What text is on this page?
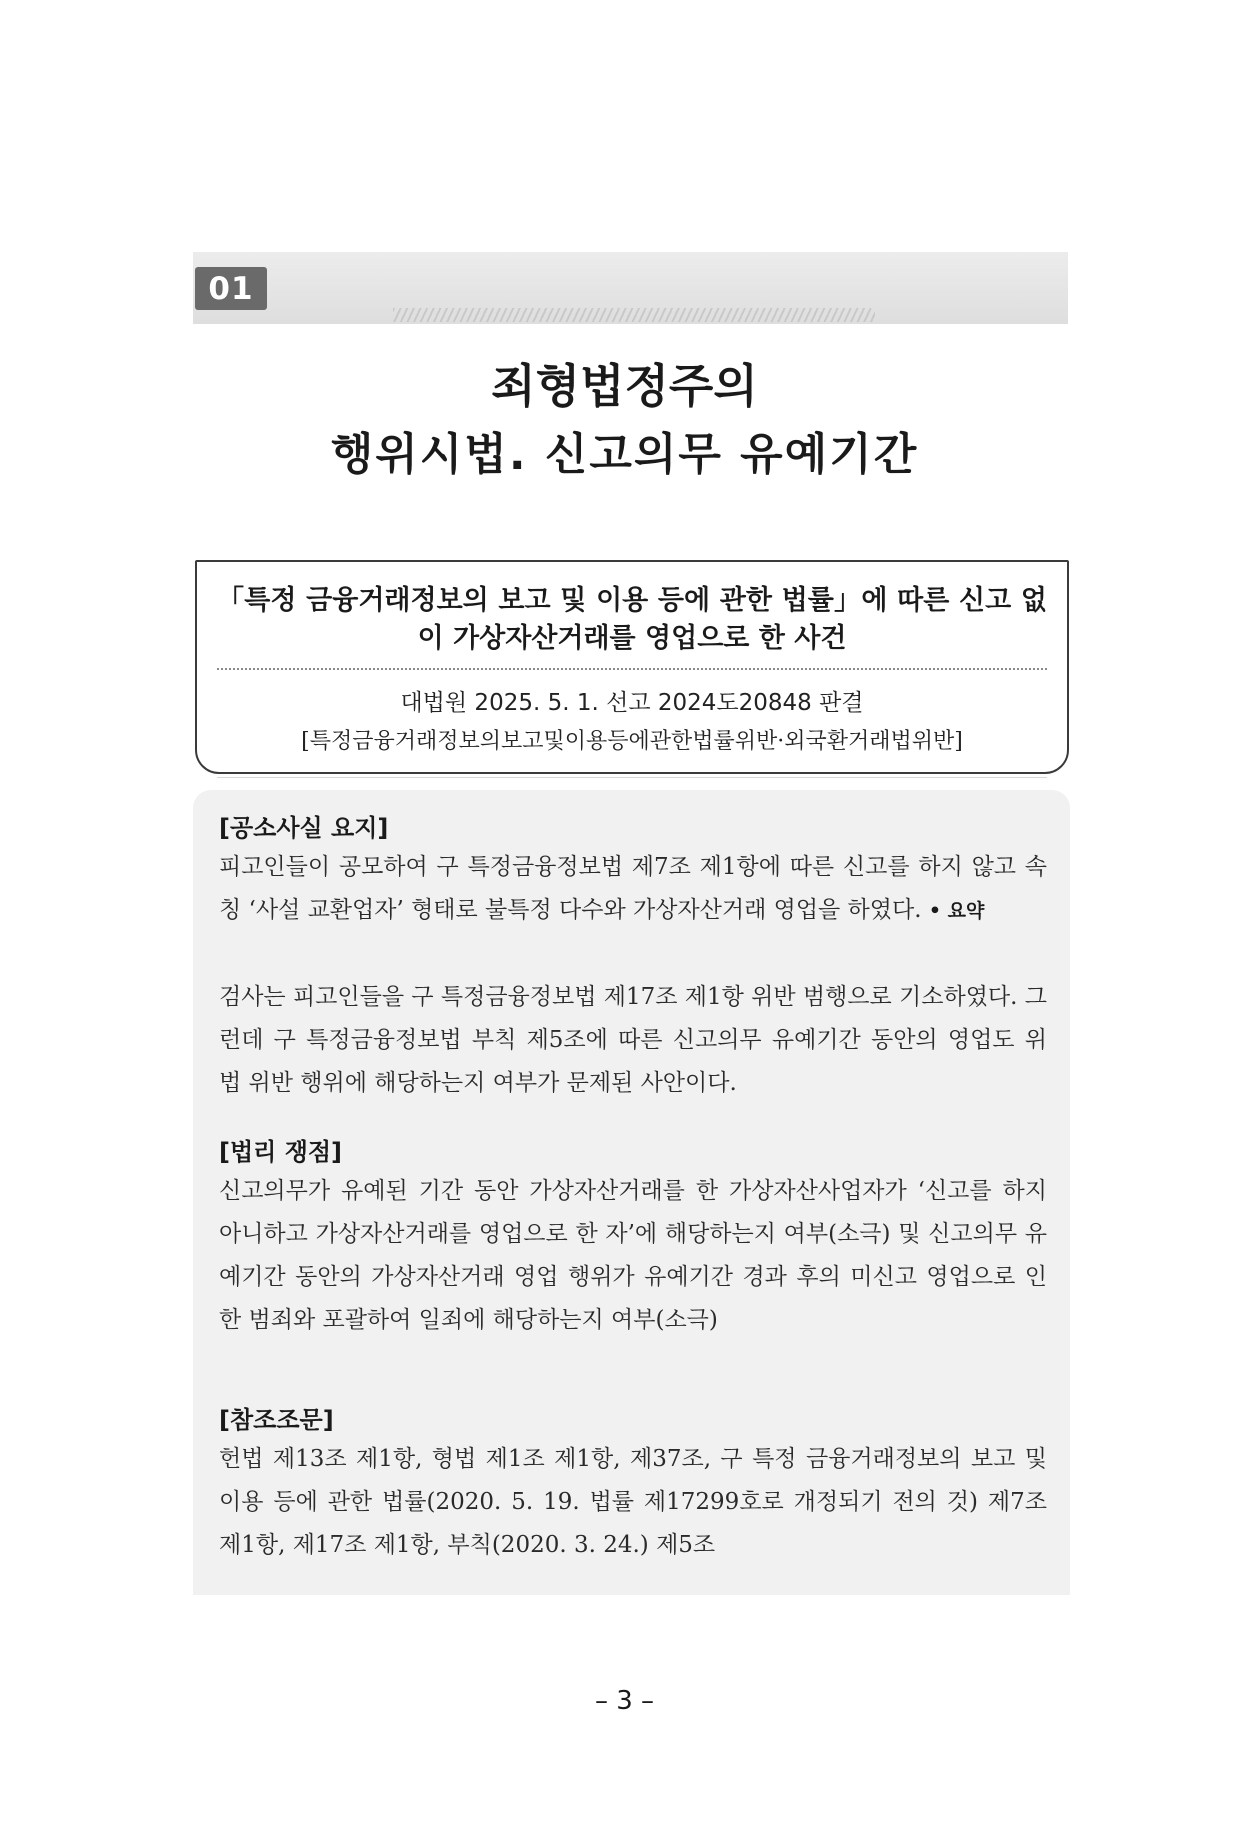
01
죄형법정주의
행위시법. 신고의무 유예기간
「특정 금융거래정보의 보고 및 이용 등에 관한 법률」에 따른 신고 없이 가상자산거래를 영업으로 한 사건
대법원 2025. 5. 1. 선고 2024도20848 판결
[특정금융거래정보의보고및이용등에관한법률위반·외국환거래법위반]
[공소사실 요지]
피고인들이 공모하여 구 특정금융정보법 제7조 제1항에 따른 신고를 하지 않고 속칭 ‘사설 교환업자’ 형태로 불특정 다수와 가상자산거래 영업을 하였다. • 요약
검사는 피고인들을 구 특정금융정보법 제17조 제1항 위반 범행으로 기소하였다. 그런데 구 특정금융정보법 부칙 제5조에 따른 신고의무 유예기간 동안의 영업도 위 법 위반 행위에 해당하는지 여부가 문제된 사안이다.
[법리 쟁점]
신고의무가 유예된 기간 동안 가상자산거래를 한 가상자산사업자가 ‘신고를 하지 아니하고 가상자산거래를 영업으로 한 자’에 해당하는지 여부(소극) 및 신고의무 유예기간 동안의 가상자산거래 영업 행위가 유예기간 경과 후의 미신고 영업으로 인한 범죄와 포괄하여 일죄에 해당하는지 여부(소극)
[참조조문]
헌법 제13조 제1항, 형법 제1조 제1항, 제37조, 구 특정 금융거래정보의 보고 및 이용 등에 관한 법률(2020. 5. 19. 법률 제17299호로 개정되기 전의 것) 제7조 제1항, 제17조 제1항, 부칙(2020. 3. 24.) 제5조
– 3 –
